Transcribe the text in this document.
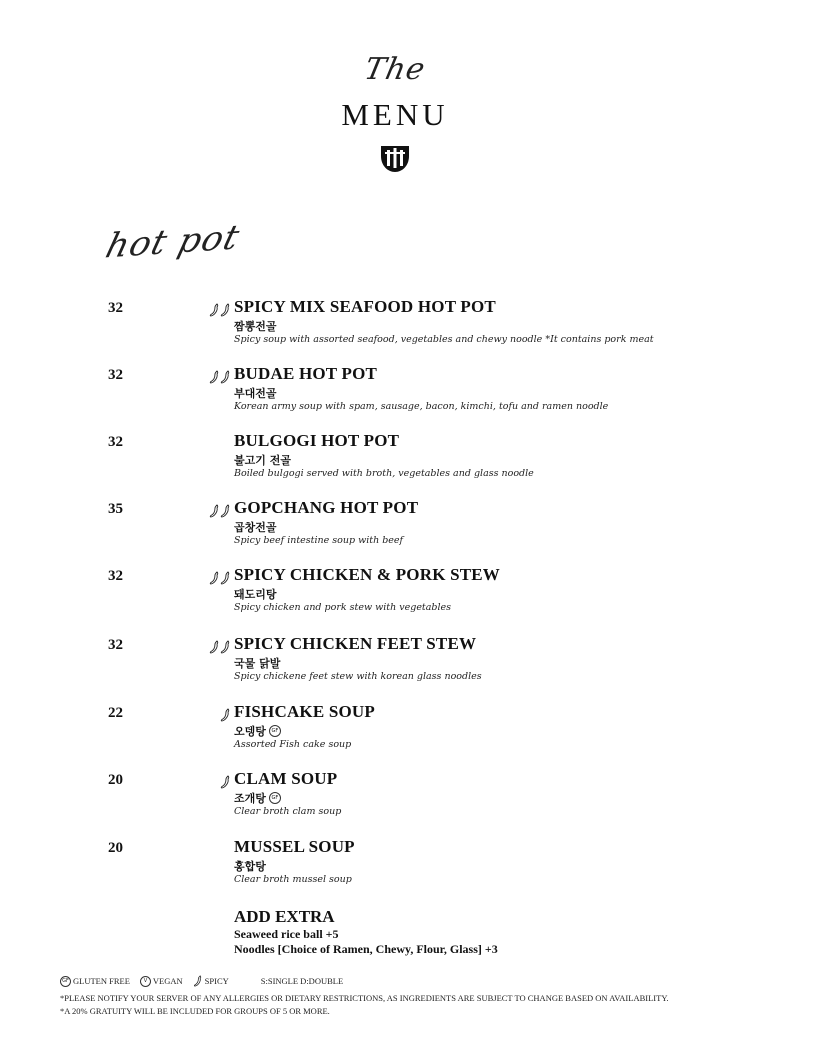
The
MENU
hot pot
32	SPICY MIX SEAFOOD HOT POT
짬뽕전골
Spicy soup with assorted seafood, vegetables and chewy noodle *It contains pork meat
32	BUDAE HOT POT
부대전골
Korean army soup with spam, sausage, bacon, kimchi, tofu and ramen noodle
32	BULGOGI HOT POT
불고기 전골
Boiled bulgogi served with broth, vegetables and glass noodle
35	GOPCHANG HOT POT
곱창전골
Spicy beef intestine soup with beef
32	SPICY CHICKEN & PORK STEW
돼도리탕
Spicy chicken and pork stew with vegetables
32	SPICY CHICKEN FEET STEW
국물 닭발
Spicy chickene feet stew with korean glass noodles
22	FISHCAKE SOUP
오뎅탕	GF
Assorted Fish cake soup
20	CLAM SOUP
조개탕	GF
Clear broth clam soup
20	MUSSEL SOUP
홍합탕
Clear broth mussel soup
ADD EXTRA
Seaweed rice ball +5
Noodles [Choice of Ramen, Chewy, Flour, Glass] +3
GF GLUTEN FREE	V VEGAN	SPICY	S:SINGLE D:DOUBLE
*PLEASE NOTIFY YOUR SERVER OF ANY ALLERGIES OR DIETARY RESTRICTIONS, AS INGREDIENTS ARE SUBJECT TO CHANGE BASED ON AVAILABILITY.
*A 20% GRATUITY WILL BE INCLUDED FOR GROUPS OF 5 OR MORE.
